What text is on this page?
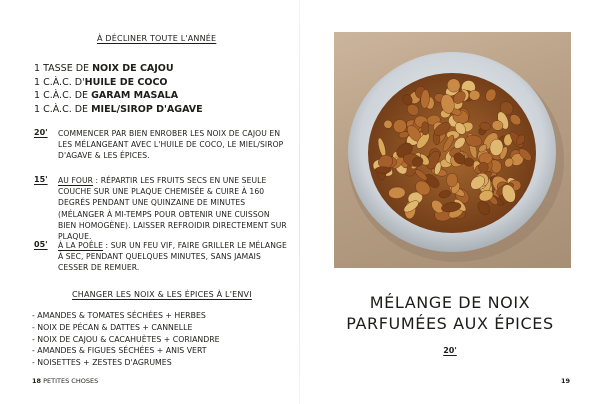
À DÉCLINER TOUTE L'ANNÉE
1 TASSE DE NOIX DE CAJOU
1 C.À.C. D'HUILE DE COCO
1 C.À.C. DE GARAM MASALA
1 C.À.C. DE MIEL/SIROP D'AGAVE
20' COMMENCER PAR BIEN ENROBER LES NOIX DE CAJOU EN LES MÉLANGEANT AVEC L'HUILE DE COCO, LE MIEL/SIROP D'AGAVE & LES ÉPICES.
15' AU FOUR : RÉPARTIR LES FRUITS SECS EN UNE SEULE COUCHE SUR UNE PLAQUE CHEMISÉE & CUIRE À 160 DEGRÉS PENDANT UNE QUINZAINE DE MINUTES (MÉLANGER À MI-TEMPS POUR OBTENIR UNE CUISSON BIEN HOMOGÈNE). LAISSER REFROIDIR DIRECTEMENT SUR PLAQUE.
05' À LA POÊLE : SUR UN FEU VIF, FAIRE GRILLER LE MÉLANGE À SEC, PENDANT QUELQUES MINUTES, SANS JAMAIS CESSER DE REMUER.
CHANGER LES NOIX & LES ÉPICES À L'ENVI
- AMANDES & TOMATES SÉCHÉES + HERBES
- NOIX DE PÉCAN & DATTES + CANNELLE
- NOIX DE CAJOU & CACAHUÈTES + CORIANDRE
- AMANDES & FIGUES SÉCHÉES + ANIS VERT
- NOISETTES + ZESTES D'AGRUMES
18 PETITES CHOSES
MÉLANGE DE NOIX
PARFUMÉES AUX ÉPICES
20'
19
